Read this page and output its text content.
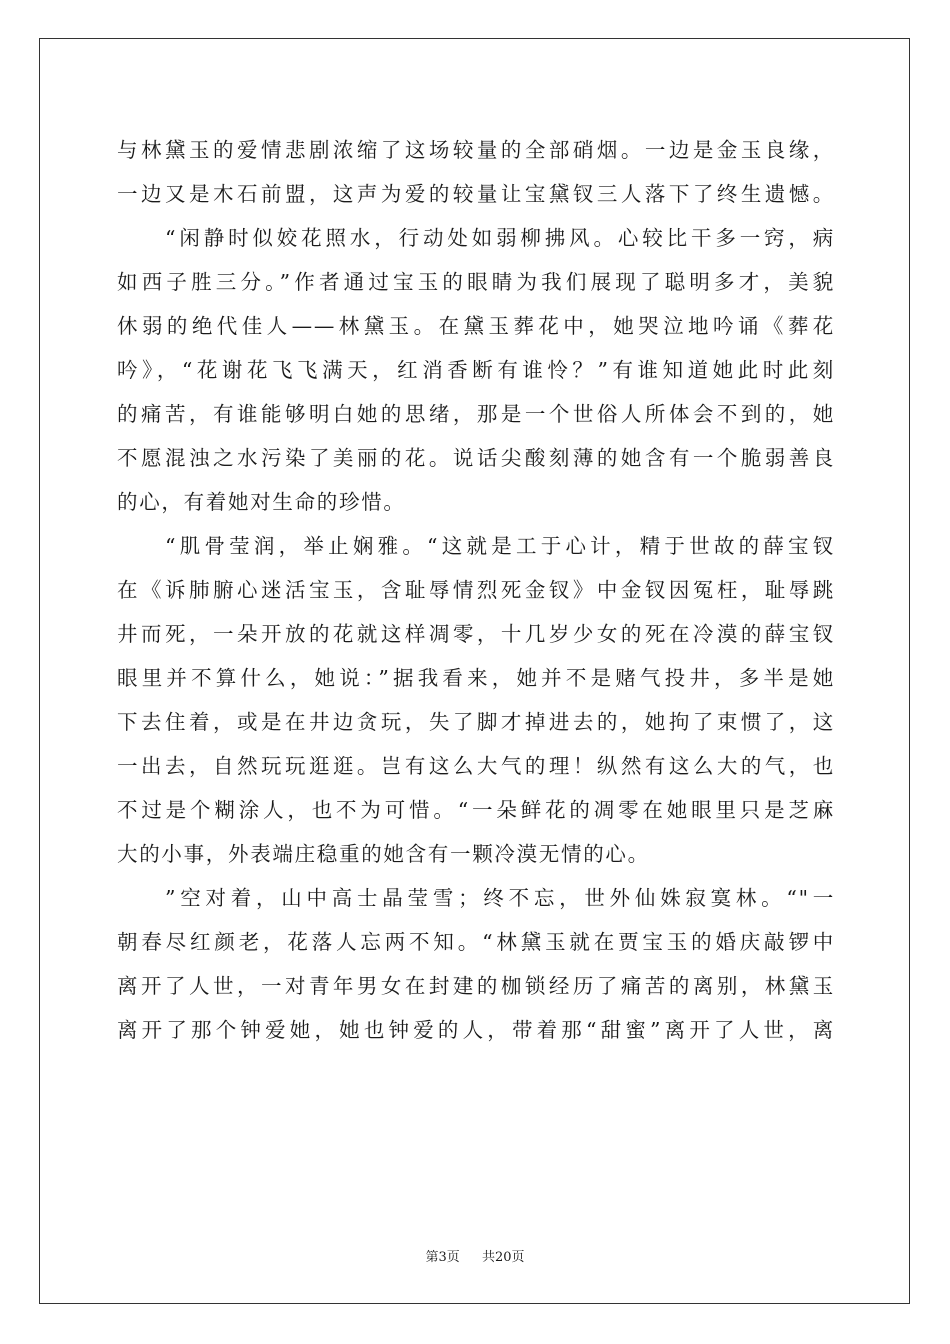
与林黛玉的爱情悲剧浓缩了这场较量的全部硝烟。一边是金玉良缘，
一边又是木石前盟，这声为爱的较量让宝黛钗三人落下了终生遗憾。
“闲静时似姣花照水，行动处如弱柳拂风。心较比干多一窍，病
如西子胜三分。”作者通过宝玉的眼睛为我们展现了聪明多才，美貌
休弱的绝代佳人——林黛玉。在黛玉葬花中，她哭泣地吟诵《葬花
吟》，“花谢花飞飞满天，红消香断有谁怜？”有谁知道她此时此刻
的痛苦，有谁能够明白她的思绪，那是一个世俗人所体会不到的，她
不愿混浊之水污染了美丽的花。说话尖酸刻薄的她含有一个脆弱善良
的心，有着她对生命的珍惜。
“肌骨莹润，举止娴雅。“这就是工于心计，精于世故的薛宝钗
在《诉肺腑心迷活宝玉，含耻辱情烈死金钗》中金钗因冤枉，耻辱跳
井而死，一朵开放的花就这样凋零，十几岁少女的死在冷漠的薛宝钗
眼里并不算什么，她说：”据我看来，她并不是赌气投井，多半是她
下去住着，或是在井边贪玩，失了脚才掉进去的，她拘了束惯了，这
一出去，自然玩玩逛逛。岂有这么大气的理！纵然有这么大的气，也
不过是个糊涂人，也不为可惜。“一朵鲜花的凋零在她眼里只是芝麻
大的小事，外表端庄稳重的她含有一颗冷漠无情的心。
”空对着，山中高士晶莹雪；终不忘，世外仙姝寂寞林。“"一
朝春尽红颜老，花落人忘两不知。“林黛玉就在贾宝玉的婚庆敲锣中
离开了人世，一对青年男女在封建的枷锁经历了痛苦的离别，林黛玉
离开了那个钟爱她，她也钟爱的人，带着那“甜蜜”离开了人世，离
第3页 共20页
